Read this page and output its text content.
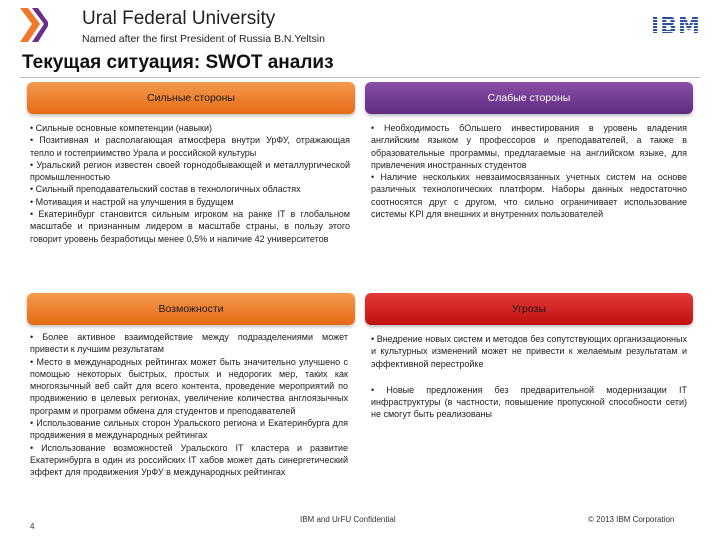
Ural Federal University
Named after the first President of Russia B.N.Yeltsin	IBM
Текущая ситуация: SWOT анализ
Сильные стороны

• Сильные основные компетенции (навыки)

• Позитивная и располагающая атмосфера внутри УрФУ, отражающая тепло и гостеприимство Урала и российской культуры

• Уральский регион известен своей горнодобывающей и металлургической промышленностью

• Сильный преподавательский состав в технологичных областях

• Мотивация и настрой на улучшения в будущем

• Екатеринбург становится сильным игроком на ранке IT в глобальном масштабе и признанным лидером в масштабе страны, в пользу этого говорит уровень безработицы менее 0,5% и наличие 42 университетов

Слабые стороны

• Необходимость бОльшего инвестирования в уровень владения английским языком у профессоров и преподавателей, а также в образовательные программы, предлагаемые на английском языке, для привлечения иностранных студентов

• Наличие нескольких невзаимосвязанных учетных систем на основе различных технологических платформ. Наборы данных недостаточно соотносятся друг с другом, что сильно ограничивает использование системы KPI для внешних и внутренних пользователей

Возможности

• Более активное взаимодействие между подразделениями может привести к лучшим результатам

• Место в международных рейтингах может быть значительно улучшено с помощью некоторых быстрых, простых и недорогих мер, таких как многоязычный веб сайт для всего контента, проведение мероприятий по продвижению в целевых регионах, увеличение количества англоязычных программ и программ обмена для студентов и преподавателей

• Использование сильных сторон Уральского региона и Екатеринбурга для продвижения в международных рейтингах

• Использование возможностей Уральского IT кластера и развитие Екатеринбурга в один из российских IT хабов может дать синергетический эффект для продвижения УрФУ в международных рейтингах

Угрозы

• Внедрение новых систем и методов без сопутствующих организационных и культурных изменений может не привести к желаемым результатам и эффективной перестройке

• Новые предложения без предварительной модернизации IT инфраструктуры (в частности, повышение пропускной способности сети) не смогут быть реализованы

4
IBM and UrFU Confidential	© 2013 IBM Corporation
